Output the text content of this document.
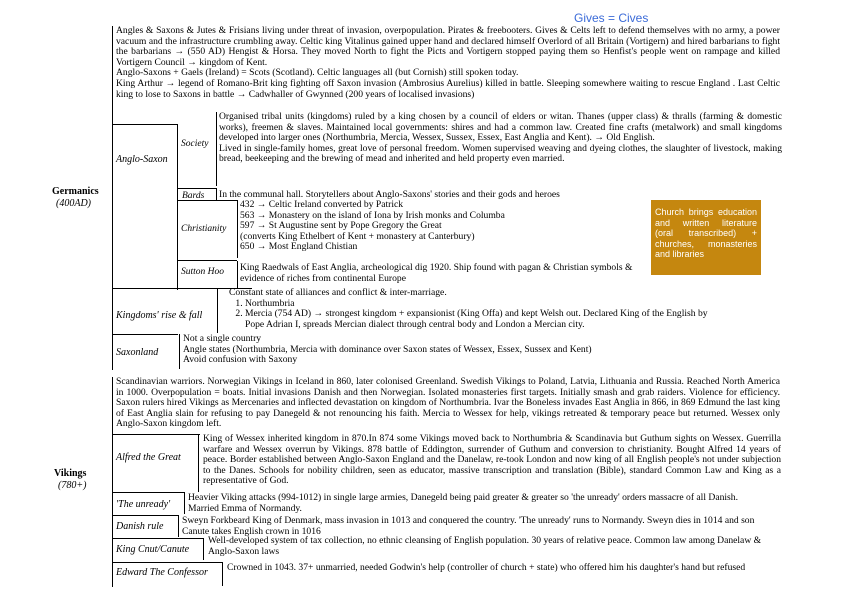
Gives = Cives
Germanics
(400AD)
Angles & Saxons & Jutes & Frisians living under threat of invasion, overpopulation. Pirates & freebooters. Gives & Celts left to defend themselves with no army, a power vacuum and the infrastructure crumbling away. Celtic king Vitalinus gained upper hand and declared himself Overlord of all Britain (Vortigern) and hired barbarians to fight the barbarians → (550 AD) Hengist & Horsa. They moved North to fight the Picts and Vortigern stopped paying them so Henfist's people went on rampage and killed Vortigern Council → kingdom of Kent.
Anglo-Saxons + Gaels (Ireland) = Scots (Scotland). Celtic languages all (but Cornish) still spoken today.
King Arthur → legend of Romano-Brit king fighting off Saxon invasion (Ambrosius Aurelius) killed in battle. Sleeping somewhere waiting to rescue England . Last Celtic king to lose to Saxons in battle → Cadwhaller of Gwynned (200 years of localised invasions)
Anglo-Saxon
Society
Organised tribal units (kingdoms) ruled by a king chosen by a council of elders or witan. Thanes (upper class) & thralls (farming & domestic works), freemen & slaves. Maintained local governments: shires and had a common law. Created fine crafts (metalwork) and small kingdoms developed into larger ones (Northumbria, Mercia, Wessex, Sussex, Essex, East Anglia and Kent). → Old English.
Lived in single-family homes, great love of personal freedom. Women supervised weaving and dyeing clothes, the slaughter of livestock, making bread, beekeeping and the brewing of mead and inherited and held property even married.
Bards In the communal hall. Storytellers about Anglo-Saxons' stories and their gods and heroes
Christianity
432 → Celtic Ireland converted by Patrick
563 → Monastery on the island of Iona by Irish monks and Columba
597 → St Augustine sent by Pope Gregory the Great
(converts King Ethelbert of Kent + monastery at Canterbury)
650 → Most England Chistian
Sutton Hoo King Raedwals of East Anglia, archeological dig 1920. Ship found with pagan & Christian symbols & evidence of riches from continental Europe
Church brings education and written literature (oral transcribed) + churches, monasteries and libraries
Kingdoms' rise & fall
Constant state of alliances and conflict & inter-marriage.
1. Northumbria
2. Mercia (754 AD) → strongest kingdom + expansionist (King Offa) and kept Welsh out. Declared King of the English by Pope Adrian I, spreads Mercian dialect through central body and London a Mercian city.
Saxonland
Not a single country
Angle states (Northumbria, Mercia with dominance over Saxon states of Wessex, Essex, Sussex and Kent)
Avoid confusion with Saxony
Vikings
(780+)
Scandinavian warriors. Norwegian Vikings in Iceland in 860, later colonised Greenland. Swedish Vikings to Poland, Latvia, Lithuania and Russia. Reached North America in 1000. Overpopulation = boats. Initial invasions Danish and then Norwegian. Isolated monasteries first targets. Initially smash and grab raiders. Violence for efficiency. Saxon rulers hired Vikings as Mercenaries and inflected devastation on kingdom of Northumbria. Ivar the Boneless invades East Anglia in 866, in 869 Edmund the last king of East Anglia slain for refusing to pay Danegeld & not renouncing his faith. Mercia to Wessex for help, vikings retreated & temporary peace but returned. Wessex only Anglo-Saxon kingdom left.
Alfred the Great
King of Wessex inherited kingdom in 870.In 874 some Vikings moved back to Northumbria & Scandinavia but Guthum sights on Wessex. Guerrilla warfare and Wessex overrun by Vikings. 878 battle of Eddington, surrender of Guthum and conversion to christianity. Bought Alfred 14 years of peace. Border established between Anglo-Saxon England and the Danelaw, re-took London and now king of all English people's not under subjection to the Danes. Schools for nobility children, seen as educator, massive transcription and translation (Bible), standard Common Law and King as a representative of God.
'The unready'
Heavier Viking attacks (994-1012) in single large armies, Danegeld being paid greater & greater so 'the unready' orders massacre of all Danish. Married Emma of Normandy.
Danish rule
Sweyn Forkbeard King of Denmark, mass invasion in 1013 and conquered the country. 'The unready' runs to Normandy. Sweyn dies in 1014 and son Canute takes English crown in 1016
King Cnut/Canute
Well-developed system of tax collection, no ethnic cleansing of English population. 30 years of relative peace. Common law among Danelaw & Anglo-Saxon laws
Edward The Confessor Crowned in 1043. 37+ unmarried, needed Godwin's help (controller of church + state) who offered him his daughter's hand but refused
